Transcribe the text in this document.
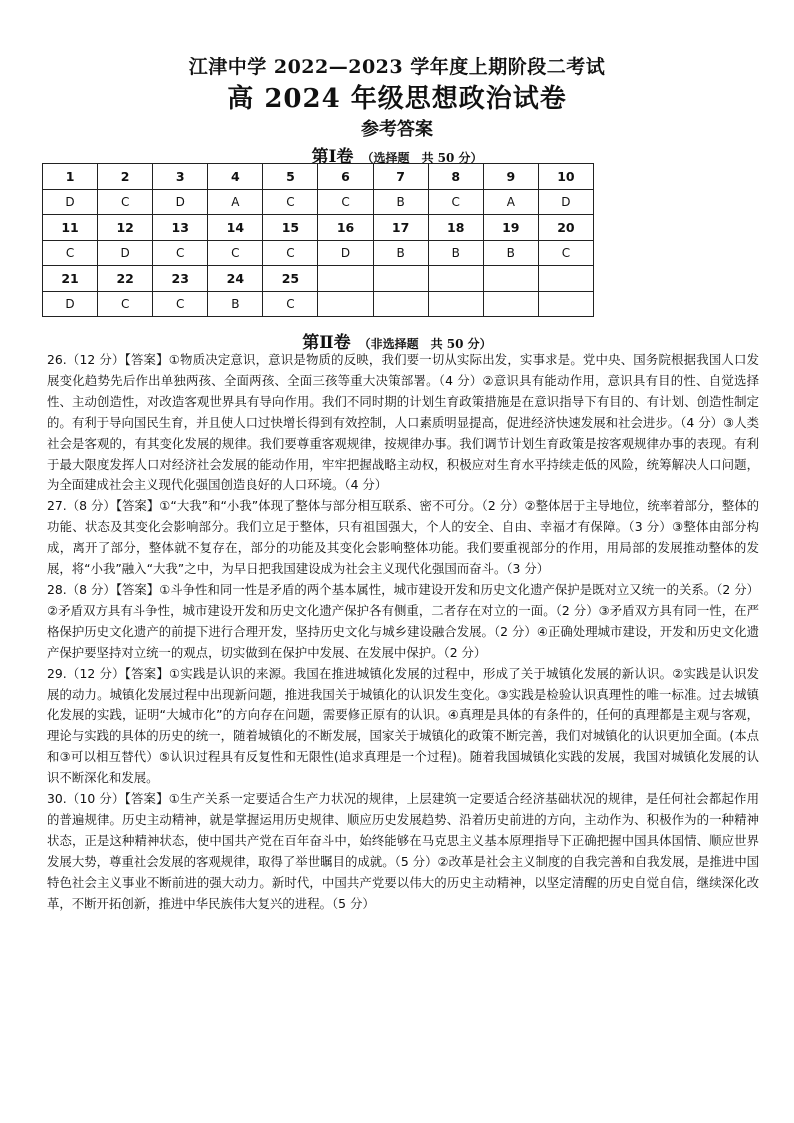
江津中学 2022—2023 学年度上期阶段二考试
高 2024 年级思想政治试卷
参考答案
第Ⅰ卷 （选择题　共 50 分）
1	2	3	4	5	6	7	8	9	10
D	C	D	A	C	C	B	C	A	D
11	12	13	14	15	16	17	18	19	20
C	D	C	C	C	D	B	B	B	C
21	22	23	24	25					
D	C	C	B	C					
第Ⅱ卷 （非选择题　共 50 分）

26.（12 分）【答案】①物质决定意识，意识是物质的反映，我们要一切从实际出发，实事求是。党中央、国务院根据我国人口发展变化趋势先后作出单独两孩、全面两孩、全面三孩等重大决策部署。（4 分）②意识具有能动作用，意识具有目的性、自觉选择性、主动创造性，对改造客观世界具有导向作用。我们不同时期的计划生育政策措施是在意识指导下有目的、有计划、创造性制定的。有利于导向国民生育，并且使人口过快增长得到有效控制，人口素质明显提高，促进经济快速发展和社会进步。（4 分）③人类社会是客观的，有其变化发展的规律。我们要尊重客观规律，按规律办事。我们调节计划生育政策是按客观规律办事的表现。有利于最大限度发挥人口对经济社会发展的能动作用，牢牢把握战略主动权，积极应对生育水平持续走低的风险，统筹解决人口问题，为全面建成社会主义现代化强国创造良好的人口环境。（4 分）

27.（8 分）【答案】①“大我”和“小我”体现了整体与部分相互联系、密不可分。（2 分）②整体居于主导地位，统率着部分，整体的功能、状态及其变化会影响部分。我们立足于整体，只有祖国强大，个人的安全、自由、幸福才有保障。（3 分）③整体由部分构成，离开了部分，整体就不复存在，部分的功能及其变化会影响整体功能。我们要重视部分的作用，用局部的发展推动整体的发展，将“小我”融入“大我”之中，为早日把我国建设成为社会主义现代化强国而奋斗。（3 分）

28.（8 分）【答案】①斗争性和同一性是矛盾的两个基本属性，城市建设开发和历史文化遗产保护是既对立又统一的关系。（2 分）②矛盾双方具有斗争性，城市建设开发和历史文化遗产保护各有侧重，二者存在对立的一面。（2 分）③矛盾双方具有同一性，在严格保护历史文化遗产的前提下进行合理开发，坚持历史文化与城乡建设融合发展。（2 分）④正确处理城市建设，开发和历史文化遗产保护要坚持对立统一的观点，切实做到在保护中发展、在发展中保护。（2 分）

29.（12 分）【答案】①实践是认识的来源。我国在推进城镇化发展的过程中，形成了关于城镇化发展的新认识。②实践是认识发展的动力。城镇化发展过程中出现新问题，推进我国关于城镇化的认识发生变化。③实践是检验认识真理性的唯一标准。过去城镇化发展的实践，证明“大城市化”的方向存在问题，需要修正原有的认识。④真理是具体的有条件的，任何的真理都是主观与客观，理论与实践的具体的历史的统一，随着城镇化的不断发展，国家关于城镇化的政策不断完善，我们对城镇化的认识更加全面。(本点和③可以相互替代）⑤认识过程具有反复性和无限性(追求真理是一个过程)。随着我国城镇化实践的发展，我国对城镇化发展的认识不断深化和发展。

30.（10 分）【答案】①生产关系一定要适合生产力状况的规律，上层建筑一定要适合经济基础状况的规律，是任何社会都起作用的普遍规律。历史主动精神，就是掌握运用历史规律、顺应历史发展趋势、沿着历史前进的方向，主动作为、积极作为的一种精神状态，正是这种精神状态，使中国共产党在百年奋斗中，始终能够在马克思主义基本原理指导下正确把握中国具体国情、顺应世界发展大势，尊重社会发展的客观规律，取得了举世瞩目的成就。（5 分）②改革是社会主义制度的自我完善和自我发展，是推进中国特色社会主义事业不断前进的强大动力。新时代，中国共产党要以伟大的历史主动精神，以坚定清醒的历史自觉自信，继续深化改革，不断开拓创新，推进中华民族伟大复兴的进程。（5 分）
